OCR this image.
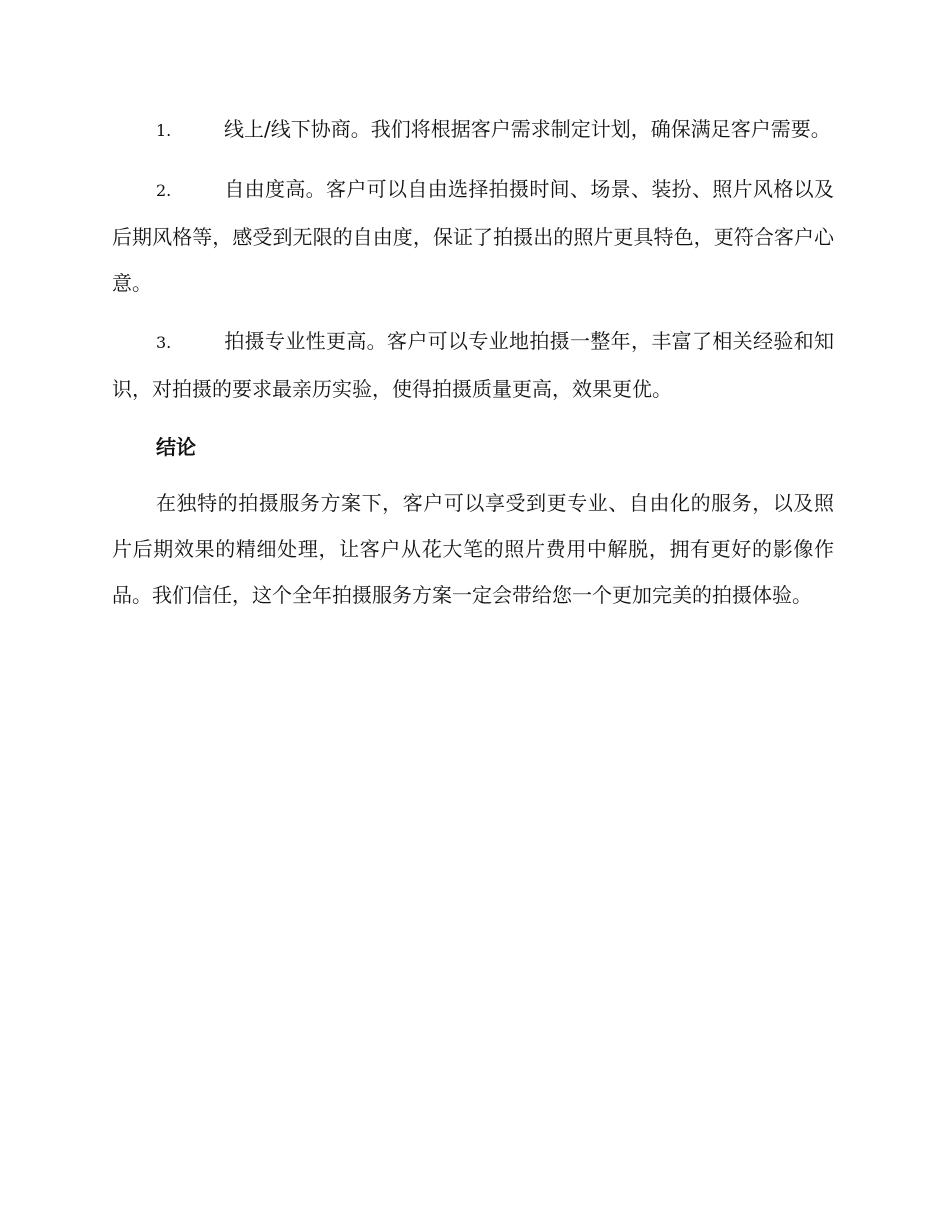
1.	线上/线下协商。我们将根据客户需求制定计划，确保满足客户需要。

2.	自由度高。客户可以自由选择拍摄时间、场景、装扮、照片风格以及后期风格等，感受到无限的自由度，保证了拍摄出的照片更具特色，更符合客户心意。

3.	拍摄专业性更高。客户可以专业地拍摄一整年，丰富了相关经验和知识，对拍摄的要求最亲历实验，使得拍摄质量更高，效果更优。

结论

在独特的拍摄服务方案下，客户可以享受到更专业、自由化的服务，以及照片后期效果的精细处理，让客户从花大笔的照片费用中解脱，拥有更好的影像作品。我们信任，这个全年拍摄服务方案一定会带给您一个更加完美的拍摄体验。
